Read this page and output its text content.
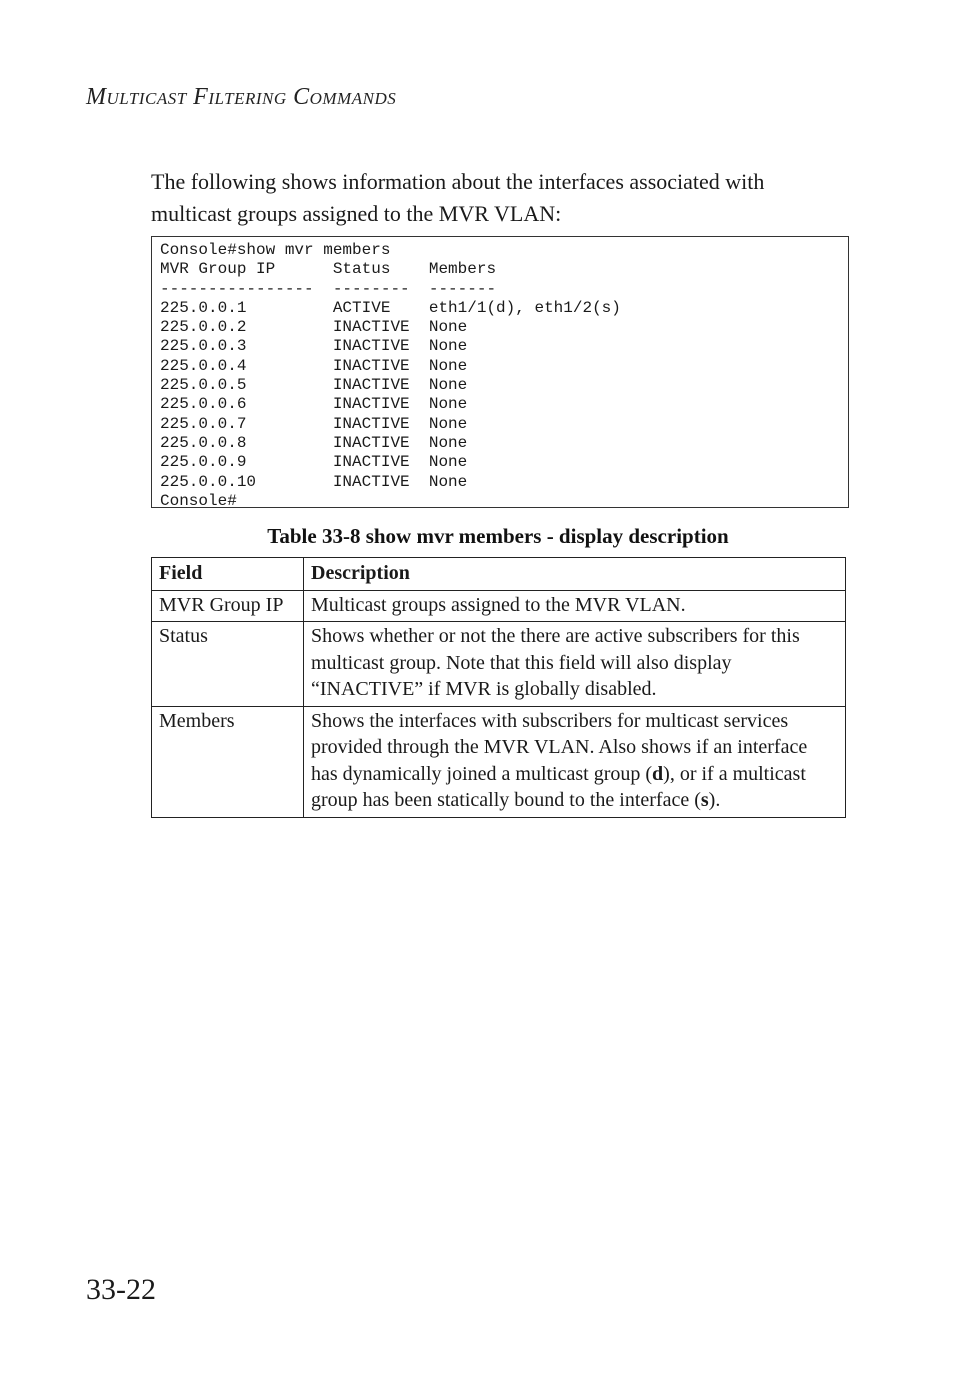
Multicast Filtering Commands
The following shows information about the interfaces associated with multicast groups assigned to the MVR VLAN:
Console#show mvr members
MVR Group IP      Status    Members
----------------  --------  -------
225.0.0.1         ACTIVE    eth1/1(d), eth1/2(s)
225.0.0.2         INACTIVE  None
225.0.0.3         INACTIVE  None
225.0.0.4         INACTIVE  None
225.0.0.5         INACTIVE  None
225.0.0.6         INACTIVE  None
225.0.0.7         INACTIVE  None
225.0.0.8         INACTIVE  None
225.0.0.9         INACTIVE  None
225.0.0.10        INACTIVE  None
Console#
Table 33-8 show mvr members - display description
Field	Description
MVR Group IP	Multicast groups assigned to the MVR VLAN.
Status	Shows whether or not the there are active subscribers for this multicast group. Note that this field will also display “INACTIVE” if MVR is globally disabled.
Members	Shows the interfaces with subscribers for multicast services provided through the MVR VLAN. Also shows if an interface has dynamically joined a multicast group (d), or if a multicast group has been statically bound to the interface (s).
33-22
